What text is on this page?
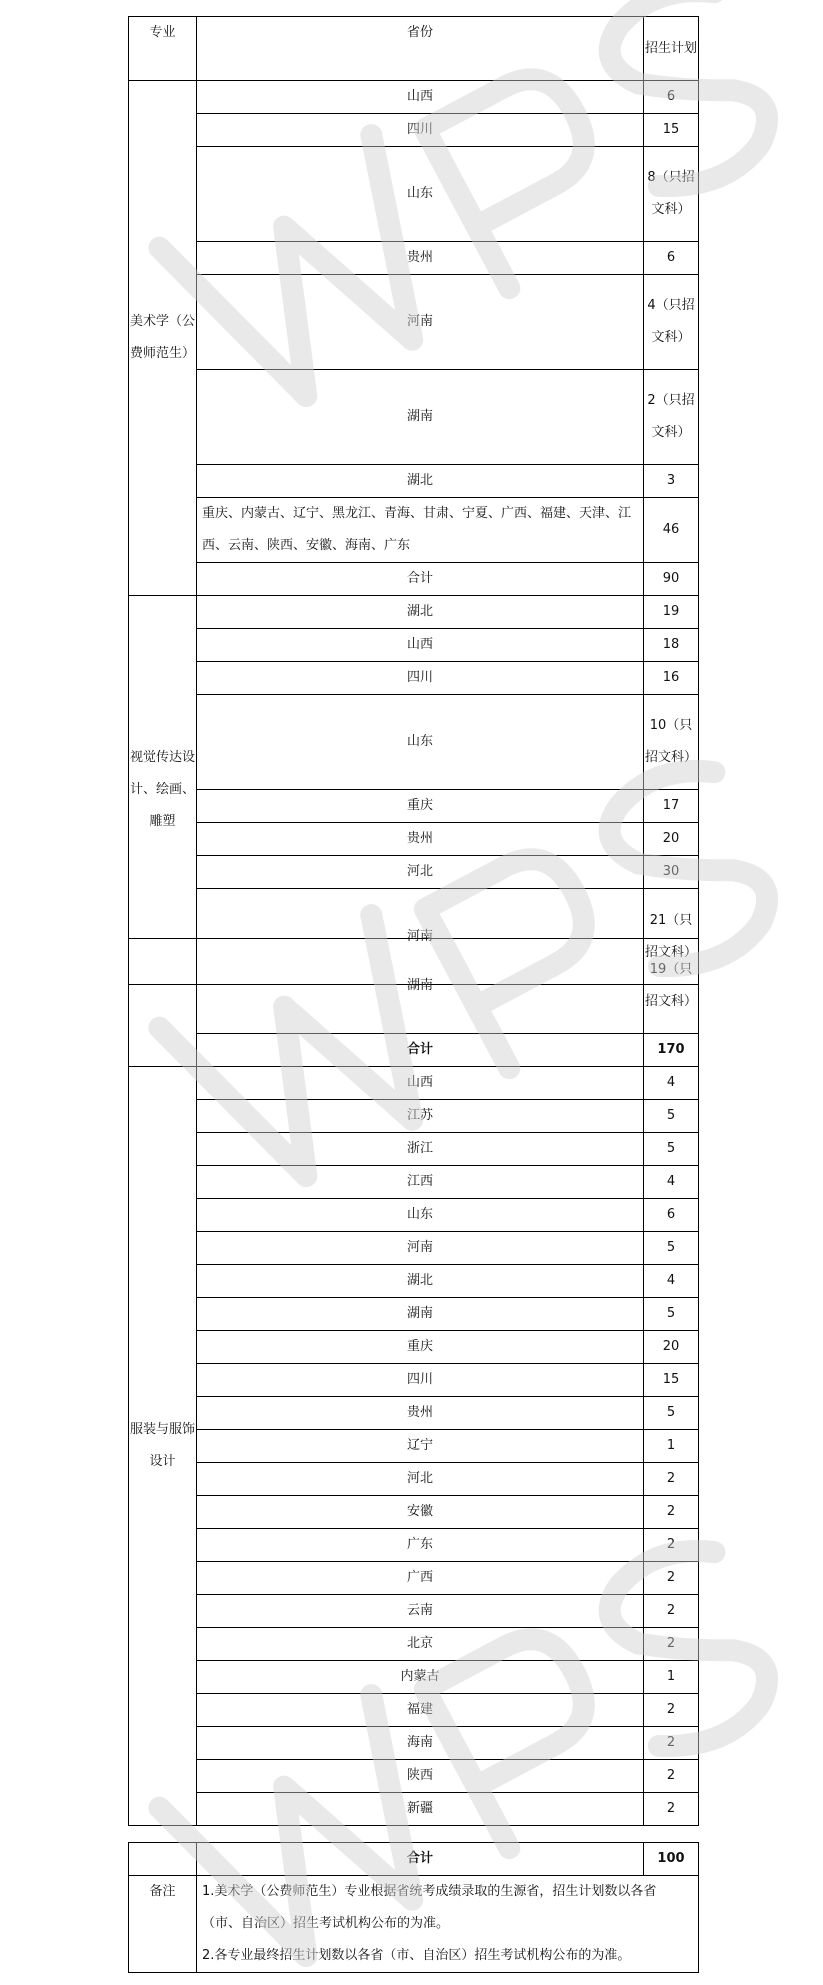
专业	省份	招生计划
美术学（公费师范生）	山西	6
	四川	15
	山东	8（只招文科）
	贵州	6
	河南	4（只招文科）
	湖南	2（只招文科）
	湖北	3
	重庆、内蒙古、辽宁、黑龙江、青海、甘肃、宁夏、广西、福建、天津、江西、云南、陕西、安徽、海南、广东	46
	合计	90
视觉传达设计、绘画、雕塑	湖北	19
	山西	18
	四川	16
	山东	10（只招文科）
	重庆	17
	贵州	20
	河北	30
	河南	21（只招文科）
	湖南	19（只招文科）
	合计	170
服装与服饰设计	山西	4
	江苏	5
	浙江	5
	江西	4
	山东	6
	河南	5
	湖北	4
	湖南	5
	重庆	20
	四川	15
	贵州	5
	辽宁	1
	河北	2
	安徽	2
	广东	2
	广西	2
	云南	2
	北京	2
	内蒙古	1
	福建	2
	海南	2
	陕西	2
	新疆	2
	合计	100
备注	1.美术学（公费师范生）专业根据省统考成绩录取的生源省，招生计划数以各省
（市、自治区）招生考试机构公布的为准。
2.各专业最终招生计划数以各省（市、自治区）招生考试机构公布的为准。	
